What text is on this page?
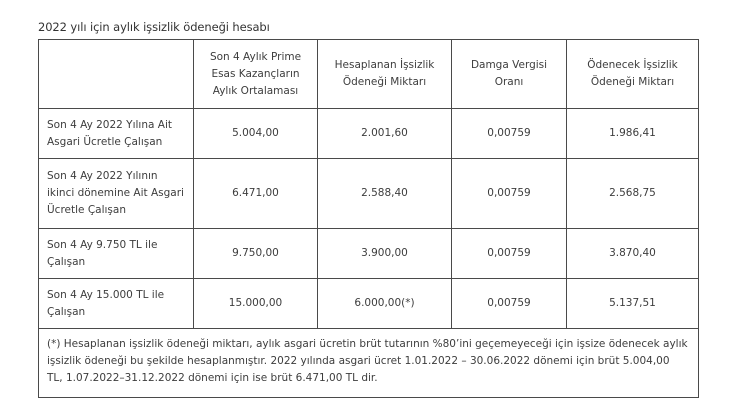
2022 yılı için aylık işsizlik ödeneği hesabı
	Son 4 Aylık Prime Esas Kazançların Aylık Ortalaması	Hesaplanan İşsizlik Ödeneği Miktarı	Damga Vergisi Oranı	Ödenecek İşsizlik Ödeneği Miktarı
Son 4 Ay 2022 Yılına Ait Asgari Ücretle Çalışan	5.004,00	2.001,60	0,00759	1.986,41
Son 4 Ay 2022 Yılının ikinci dönemine Ait Asgari Ücretle Çalışan	6.471,00	2.588,40	0,00759	2.568,75
Son 4 Ay 9.750 TL ile Çalışan	9.750,00	3.900,00	0,00759	3.870,40
Son 4 Ay 15.000 TL ile Çalışan	15.000,00	6.000,00(*)	0,00759	5.137,51
(*) Hesaplanan işsizlik ödeneği miktarı, aylık asgari ücretin brüt tutarının %80’ini geçemeyeceği için işsize ödenecek aylık işsizlik ödeneği bu şekilde hesaplanmıştır. 2022 yılında asgari ücret 1.01.2022 – 30.06.2022 dönemi için brüt 5.004,00 TL, 1.07.2022–31.12.2022 dönemi için ise brüt 6.471,00 TL dir.				
